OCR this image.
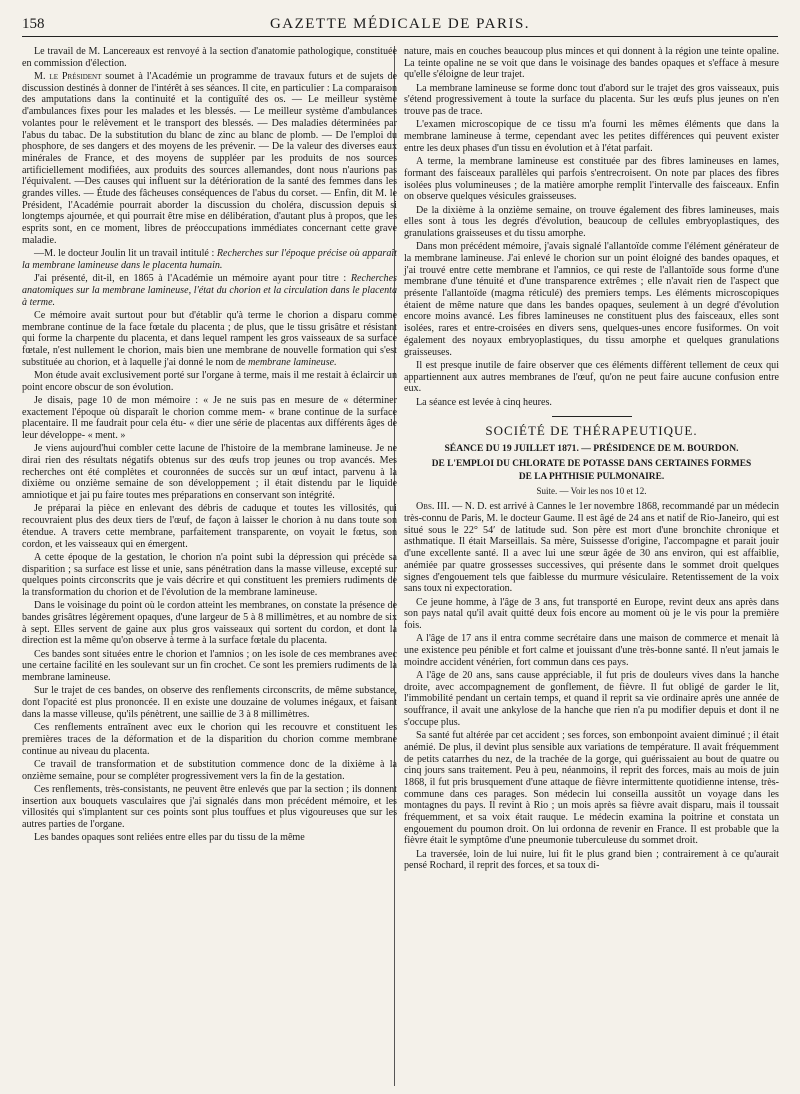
158	GAZETTE MÉDICALE DE PARIS.

Le travail de M. Lancereaux est renvoyé à la section d'anatomie pathologique, constituée en commission d'élection.

M. le Président soumet à l'Académie un programme de travaux futurs et de sujets de discussion destinés à donner de l'intérêt à ses séances. Il cite, en particulier : La comparaison des amputations dans la continuité et la contiguïté des os. — Le meilleur système d'ambulances fixes pour les malades et les blessés. — Le meilleur système d'ambulances volantes pour le relèvement et le transport des blessés. — Des maladies déterminées par l'abus du tabac. De la substitution du blanc de zinc au blanc de plomb. — De l'emploi du phosphore, de ses dangers et des moyens de les prévenir. — De la valeur des diverses eaux minérales de France, et des moyens de suppléer par les produits de nos sources artificiellement modifiées, aux produits des sources allemandes, dont nous n'aurions pas l'équivalent. —Des causes qui influent sur la détérioration de la santé des femmes dans les grandes villes. — Étude des fâcheuses conséquences de l'abus du corset. — Enfin, dit M. le Président, l'Académie pourrait aborder la discussion du choléra, discussion depuis si longtemps ajournée, et qui pourrait être mise en délibération, d'autant plus à propos, que les esprits sont, en ce moment, libres de préoccupations immédiates concernant cette grave maladie.

—M. le docteur Joulin lit un travail intitulé : Recherches sur l'époque précise où apparaît la membrane lamineuse dans le placenta humain.

J'ai présenté, dit-il, en 1865 à l'Académie un mémoire ayant pour titre : Recherches anatomiques sur la membrane lamineuse, l'état du chorion et la circulation dans le placenta à terme.

Ce mémoire avait surtout pour but d'établir qu'à terme le chorion a disparu comme membrane continue de la face fœtale du placenta ; de plus, que le tissu grisâtre et résistant qui forme la charpente du placenta, et dans lequel rampent les gros vaisseaux de sa surface fœtale, n'est nullement le chorion, mais bien une membrane de nouvelle formation qui s'est substituée au chorion, et à laquelle j'ai donné le nom de membrane lamineuse.

Mon étude avait exclusivement porté sur l'organe à terme, mais il me restait à éclaircir un point encore obscur de son évolution.

Je disais, page 10 de mon mémoire : « Je ne suis pas en mesure de « déterminer exactement l'époque où disparaît le chorion comme mem- « brane continue de la surface placentaire. Il me faudrait pour cela étu- « dier une série de placentas aux différents âges de leur développe- « ment. »

Je viens aujourd'hui combler cette lacune de l'histoire de la membrane lamineuse. Je ne dirai rien des résultats négatifs obtenus sur des œufs trop jeunes ou trop avancés. Mes recherches ont été complètes et couronnées de succès sur un œuf intact, parvenu à la dixième ou onzième semaine de son développement ; il était distendu par le liquide amniotique et jai pu faire toutes mes préparations en conservant son intégrité.

Je préparai la pièce en enlevant des débris de caduque et toutes les villosités, qui recouvraient plus des deux tiers de l'œuf, de façon à laisser le chorion à nu dans toute son étendue. A travers cette membrane, parfaitement transparente, on voyait le fœtus, son cordon, et les vaisseaux qui en émergent.

A cette époque de la gestation, le chorion n'a point subi la dépression qui précède sa disparition ; sa surface est lisse et unie, sans pénétration dans la masse villeuse, excepté sur quelques points circonscrits que je vais décrire et qui constituent les premiers rudiments de la transformation du chorion et de l'évolution de la membrane lamineuse.

Dans le voisinage du point où le cordon atteint les membranes, on constate la présence de bandes grisâtres légèrement opaques, d'une largeur de 5 à 8 millimètres, et au nombre de six à sept. Elles servent de gaine aux plus gros vaisseaux qui sortent du cordon, et dont la direction est la même qu'on observe à terme à la surface fœtale du placenta.

Ces bandes sont situées entre le chorion et l'amnios ; on les isole de ces membranes avec une certaine facilité en les soulevant sur un fin crochet. Ce sont les premiers rudiments de la membrane lamineuse.

Sur le trajet de ces bandes, on observe des renflements circonscrits, de même substance, dont l'opacité est plus prononcée. Il en existe une douzaine de volumes inégaux, et faisant dans la masse villeuse, qu'ils pénètrent, une saillie de 3 à 8 millimètres.

Ces renflements entraînent avec eux le chorion qui les recouvre et constituent les premières traces de la déformation et de la disparition du chorion comme membrane continue au niveau du placenta.

Ce travail de transformation et de substitution commence donc de la dixième à la onzième semaine, pour se compléter progressivement vers la fin de la gestation.

Ces renflements, très-consistants, ne peuvent être enlevés que par la section ; ils donnent insertion aux bouquets vasculaires que j'ai signalés dans mon précédent mémoire, et les villosités qui s'implantent sur ces points sont plus touffues et plus vigoureuses que sur les autres parties de l'organe.

Les bandes opaques sont reliées entre elles par du tissu de la même

nature, mais en couches beaucoup plus minces et qui donnent à la région une teinte opaline. La teinte opaline ne se voit que dans le voisinage des bandes opaques et s'efface à mesure qu'elle s'éloigne de leur trajet.

La membrane lamineuse se forme donc tout d'abord sur le trajet des gros vaisseaux, puis s'étend progressivement à toute la surface du placenta. Sur les œufs plus jeunes on n'en trouve pas de trace.

L'examen microscopique de ce tissu m'a fourni les mêmes éléments que dans la membrane lamineuse à terme, cependant avec les petites différences qui peuvent exister entre les deux phases d'un tissu en évolution et à l'état parfait.

A terme, la membrane lamineuse est constituée par des fibres lamineuses en lames, formant des faisceaux parallèles qui parfois s'entrecroisent. On note par places des fibres isolées plus volumineuses ; de la matière amorphe remplit l'intervalle des faisceaux. Enfin on observe quelques vésicules graisseuses.

De la dixième à la onzième semaine, on trouve également des fibres lamineuses, mais elles sont à tous les degrés d'évolution, beaucoup de cellules embryoplastiques, des granulations graisseuses et du tissu amorphe.

Dans mon précédent mémoire, j'avais signalé l'allantoïde comme l'élément générateur de la membrane lamineuse. J'ai enlevé le chorion sur un point éloigné des bandes opaques, et j'ai trouvé entre cette membrane et l'amnios, ce qui reste de l'allantoïde sous forme d'une membrane d'une ténuité et d'une transparence extrêmes ; elle n'avait rien de l'aspect que présente l'allantoïde (magma réticulé) des premiers temps. Les éléments microscopiques étaient de même nature que dans les bandes opaques, seulement à un degré d'évolution encore moins avancé. Les fibres lamineuses ne constituent plus des faisceaux, elles sont isolées, rares et entre-croisées en divers sens, quelques-unes encore fusiformes. On voit également des noyaux embryoplastiques, du tissu amorphe et quelques granulations graisseuses.

Il est presque inutile de faire observer que ces éléments diffèrent tellement de ceux qui appartiennent aux autres membranes de l'œuf, qu'on ne peut faire aucune confusion entre eux.

La séance est levée à cinq heures.

SOCIÉTÉ DE THÉRAPEUTIQUE.
SÉANCE DU 19 JUILLET 1871. — PRÉSIDENCE DE M. BOURDON.
DE L'EMPLOI DU CHLORATE DE POTASSE DANS CERTAINES FORMES
DE LA PHTHISIE PULMONAIRE.
Suite. — Voir les nos 10 et 12.

Obs. III. — N. D. est arrivé à Cannes le 1er novembre 1868, recommandé par un médecin très-connu de Paris, M. le docteur Gaume. Il est âgé de 24 ans et natif de Rio-Janeiro, qui est situé sous le 22° 54′ de latitude sud. Son père est mort d'une bronchite chronique et asthmatique. Il était Marseillais. Sa mère, Suissesse d'origine, l'accompagne et parait jouir d'une excellente santé. Il a avec lui une sœur âgée de 30 ans environ, qui est affaiblie, anémiée par quatre grossesses successives, qui présente dans le sommet droit quelques signes d'engouement tels que faiblesse du murmure vésiculaire. Retentissement de la voix sans toux ni expectoration.

Ce jeune homme, à l'âge de 3 ans, fut transporté en Europe, revint deux ans après dans son pays natal qu'il avait quitté deux fois encore au moment où je le vis pour la première fois.

A l'âge de 17 ans il entra comme secrétaire dans une maison de commerce et menait là une existence peu pénible et fort calme et jouissant d'une très-bonne santé. Il n'eut jamais le moindre accident vénérien, fort commun dans ces pays.

A l'âge de 20 ans, sans cause appréciable, il fut pris de douleurs vives dans la hanche droite, avec accompagnement de gonflement, de fièvre. Il fut obligé de garder le lit, l'immobilité pendant un certain temps, et quand il reprit sa vie ordinaire après une année de souffrance, il avait une ankylose de la hanche que rien n'a pu modifier depuis et dont il ne s'occupe plus.

Sa santé fut altérée par cet accident ; ses forces, son embonpoint avaient diminué ; il était anémié. De plus, il devint plus sensible aux variations de température. Il avait fréquemment de petits catarrhes du nez, de la trachée de la gorge, qui guérissaient au bout de quatre ou cinq jours sans traitement. Peu à peu, néanmoins, il reprit des forces, mais au mois de juin 1868, il fut pris brusquement d'une attaque de fièvre intermittente quotidienne intense, très-commune dans ces parages. Son médecin lui conseilla aussitôt un voyage dans les montagnes du pays. Il revint à Rio ; un mois après sa fièvre avait disparu, mais il toussait fréquemment, et sa voix était rauque. Le médecin examina la poitrine et constata un engouement du poumon droit. On lui ordonna de revenir en France. Il est probable que la fièvre était le symptôme d'une pneumonie tuberculeuse du sommet droit.

La traversée, loin de lui nuire, lui fit le plus grand bien ; contrairement à ce qu'aurait pensé Rochard, il reprit des forces, et sa toux di-
